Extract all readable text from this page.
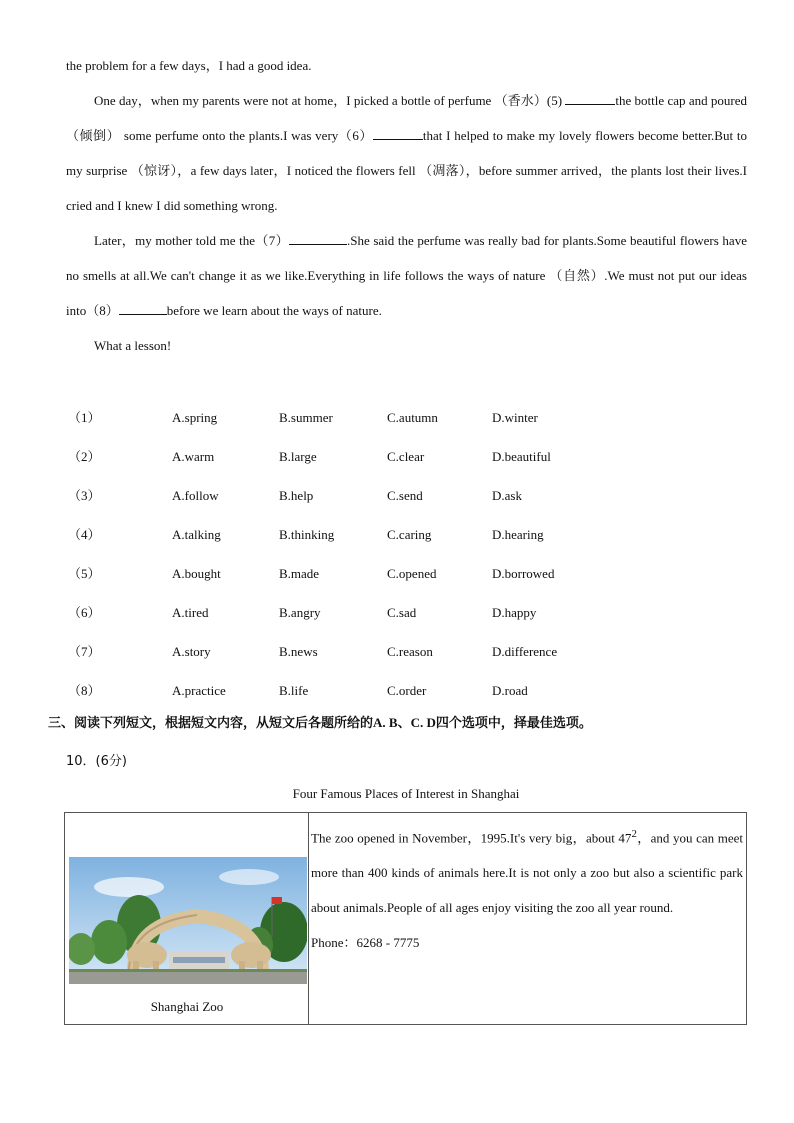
the problem for a few days，I had a good idea.

One day，when my parents were not at home，I picked a bottle of perfume （香水）(5)	the bottle cap and poured （倾倒） some perfume onto the plants.I was very（6）	that I helped to make my lovely flowers become better.But to my surprise （惊讶），a few days later，I noticed the flowers fell （凋落），before summer arrived，the plants lost their lives.I cried and I knew I did something wrong.

Later，my mother told me the（7）	.She said the perfume was really bad for plants.Some beautiful flowers have no smells at all.We can't change it as we like.Everything in life follows the ways of nature （自然）.We must not put our ideas into（8）	before we learn about the ways of nature.

What a lesson!

（1）	A.spring	B.summer	C.autumn	D.winter
（2）	A.warm	B.large	C.clear	D.beautiful
（3）	A.follow	B.help	C.send	D.ask
（4）	A.talking	B.thinking	C.caring	D.hearing
（5）	A.bought	B.made	C.opened	D.borrowed
（6）	A.tired	B.angry	C.sad	D.happy
（7）	A.story	B.news	C.reason	D.difference
（8）	A.practice	B.life	C.order	D.road
三、阅读下列短文，根据短文内容，从短文后各题所给的A. B、C. D四个选项中，择最佳选项。
10．(6分)
Four Famous Places of Interest in Shanghai
Shanghai Zoo
The zoo opened in November，1995.It's very big，about $47^2$，and you can meet more than 400 kinds of animals here.It is not only a zoo but also a scientific park about animals.People of all ages enjoy visiting the zoo all year round.
Phone：6268 - 7775
